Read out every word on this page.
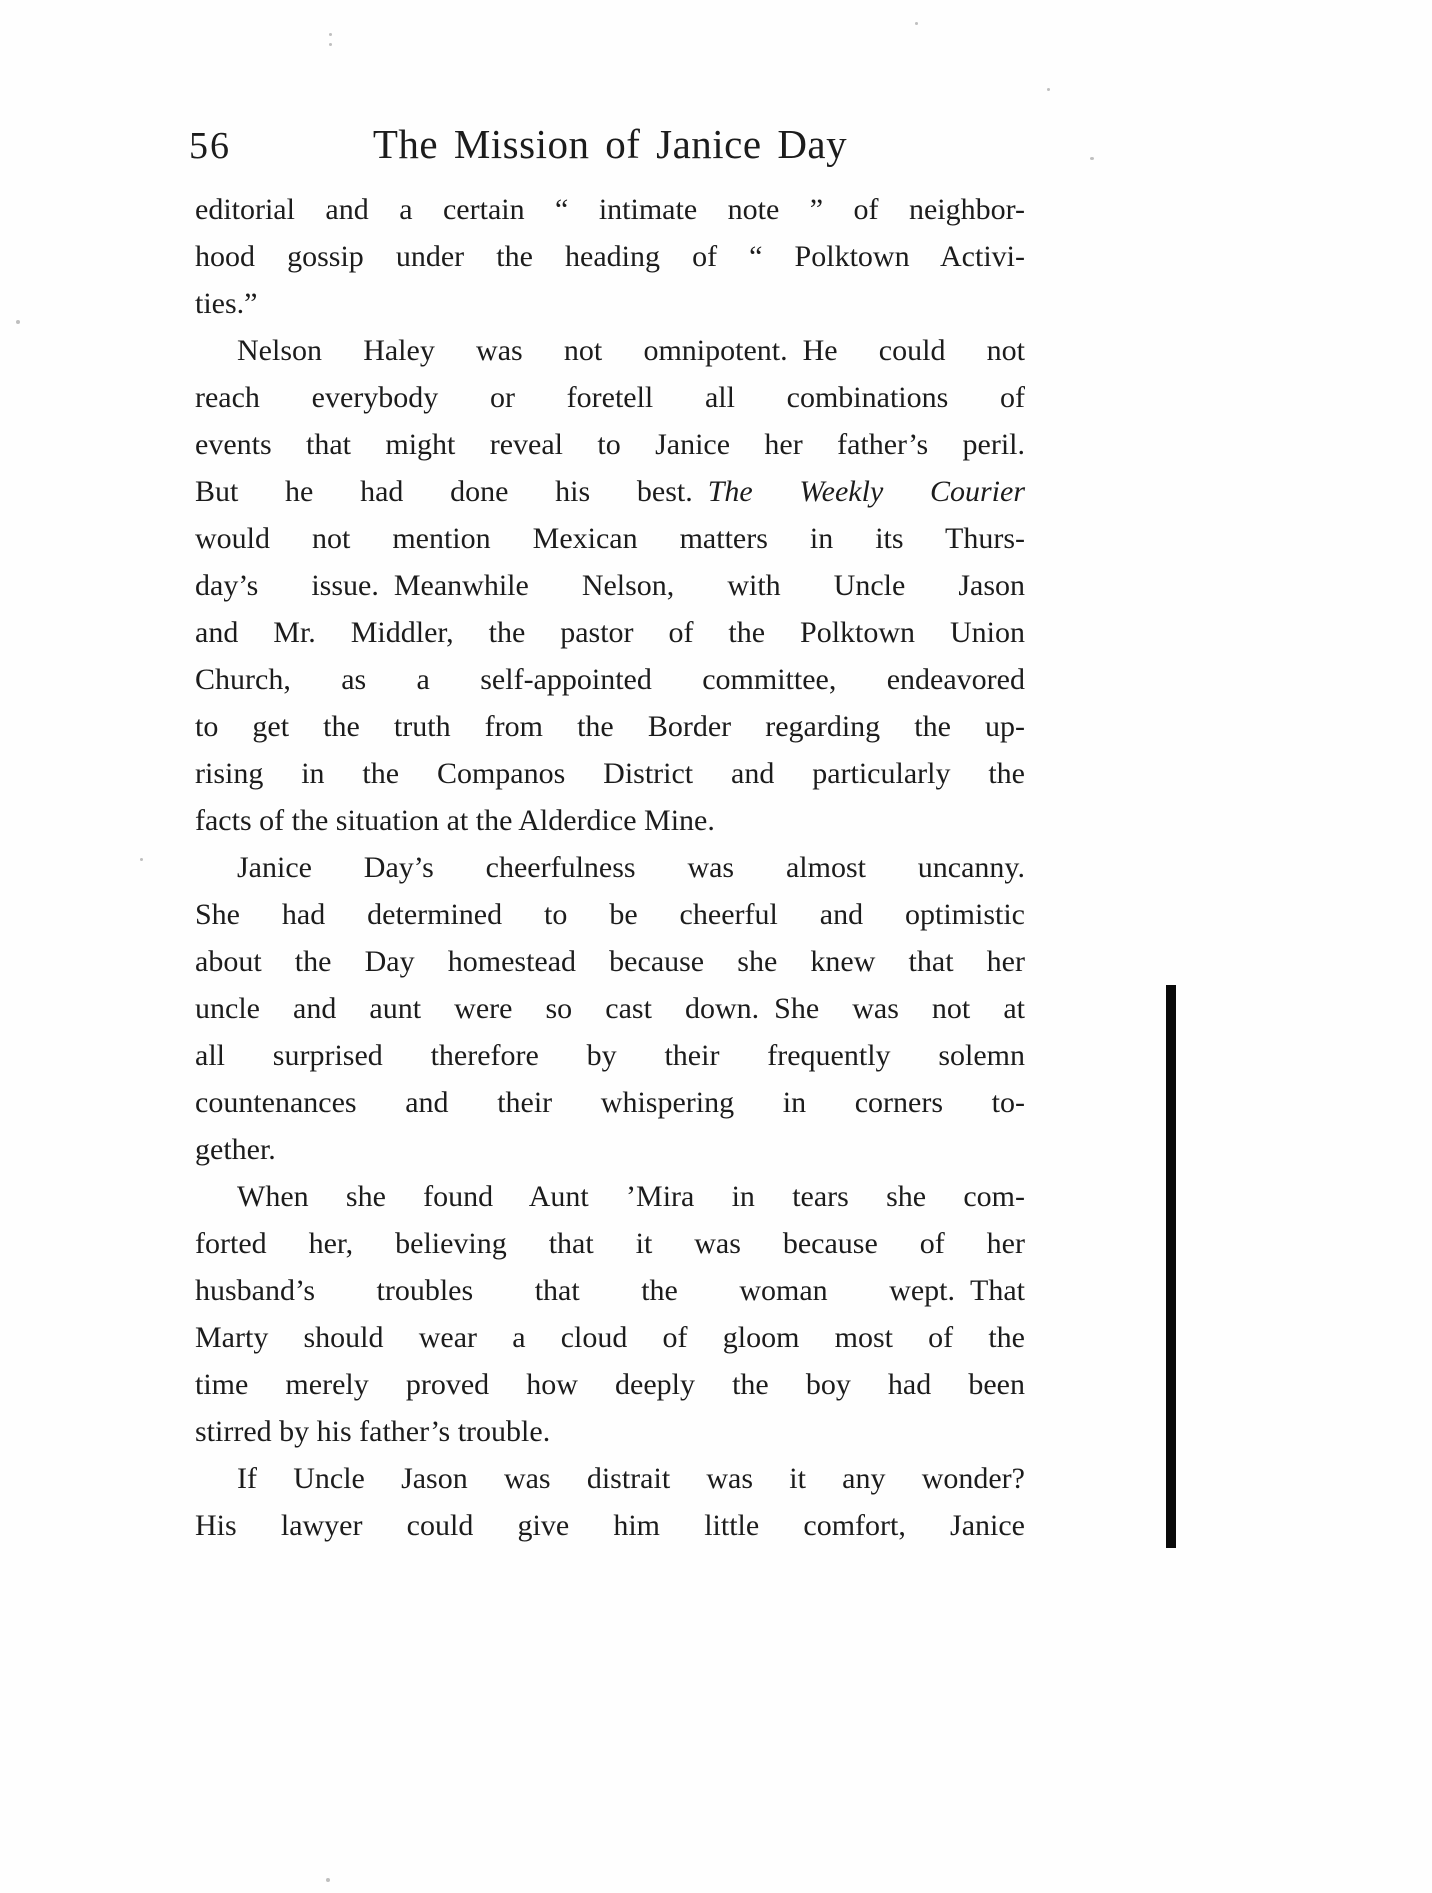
56	The Mission of Janice Day
editorial and a certain “ intimate note ” of neighbor-
hood gossip under the heading of “ Polktown Activi-
ties.”
Nelson Haley was not omnipotent. He could not
reach everybody or foretell all combinations of
events that might reveal to Janice her father’s peril.
But he had done his best. The Weekly Courier
would not mention Mexican matters in its Thurs-
day’s issue. Meanwhile Nelson, with Uncle Jason
and Mr. Middler, the pastor of the Polktown Union
Church, as a self-appointed committee, endeavored
to get the truth from the Border regarding the up-
rising in the Companos District and particularly the
facts of the situation at the Alderdice Mine.
Janice Day’s cheerfulness was almost uncanny.
She had determined to be cheerful and optimistic
about the Day homestead because she knew that her
uncle and aunt were so cast down. She was not at
all surprised therefore by their frequently solemn
countenances and their whispering in corners to-
gether.
When she found Aunt ’Mira in tears she com-
forted her, believing that it was because of her
husband’s troubles that the woman wept. That
Marty should wear a cloud of gloom most of the
time merely proved how deeply the boy had been
stirred by his father’s trouble.
If Uncle Jason was distrait was it any wonder?
His lawyer could give him little comfort, Janice
